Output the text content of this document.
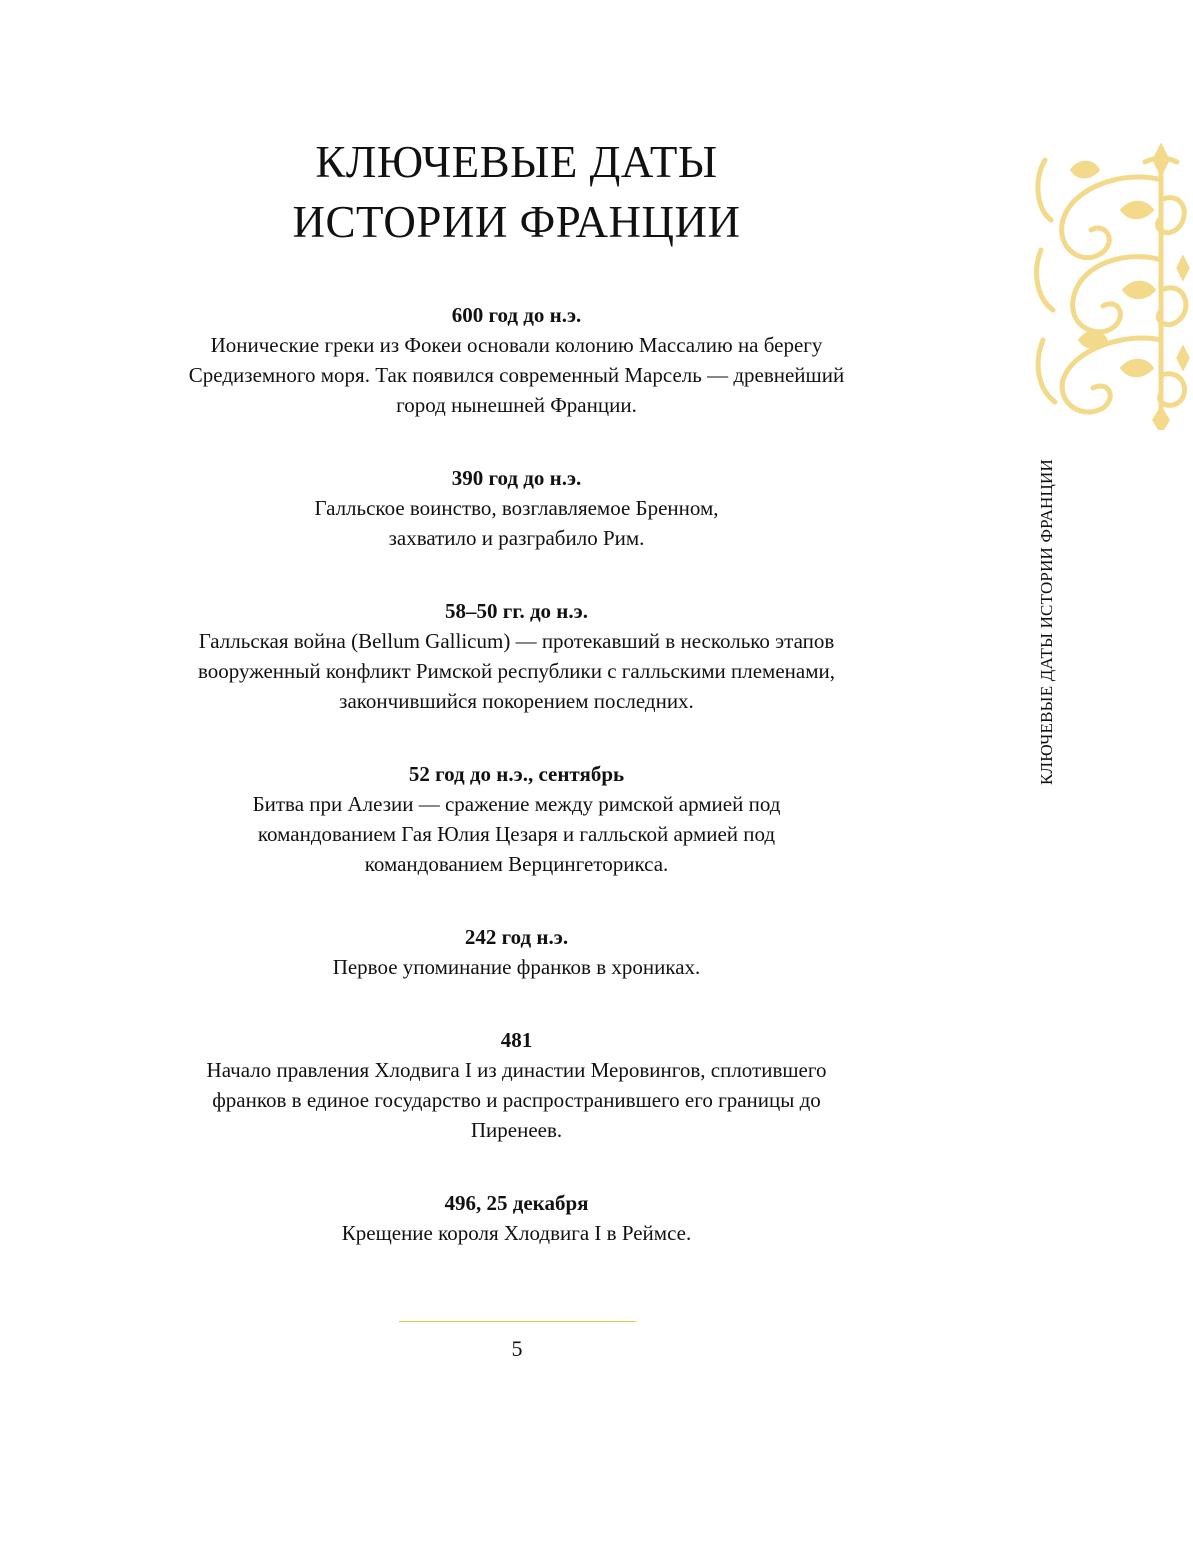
КЛЮЧЕВЫЕ ДАТЫ
ИСТОРИИ ФРАНЦИИ
600 год до н.э.
Ионические греки из Фокеи основали колонию Массалию на берегу
Средиземного моря. Так появился современный Марсель — древнейший
город нынешней Франции.
390 год до н.э.
Галльское воинство, возглавляемое Бренном,
захватило и разграбило Рим.
58–50 гг. до н.э.
Галльская война (Bellum Gallicum) — протекавший в несколько этапов
вооруженный конфликт Римской республики с галльскими племенами,
закончившийся покорением последних.
52 год до н.э., сентябрь
Битва при Алезии — сражение между римской армией под
командованием Гая Юлия Цезаря и галльской армией под
командованием Верцингеторикса.
242 год н.э.
Первое упоминание франков в хрониках.
481
Начало правления Хлодвига I из династии Меровингов, сплотившего
франков в единое государство и распространившего его границы до
Пиренеев.
496, 25 декабря
Крещение короля Хлодвига I в Реймсе.
5
КЛЮЧЕВЫЕ ДАТЫ ИСТОРИИ ФРАНЦИИ
